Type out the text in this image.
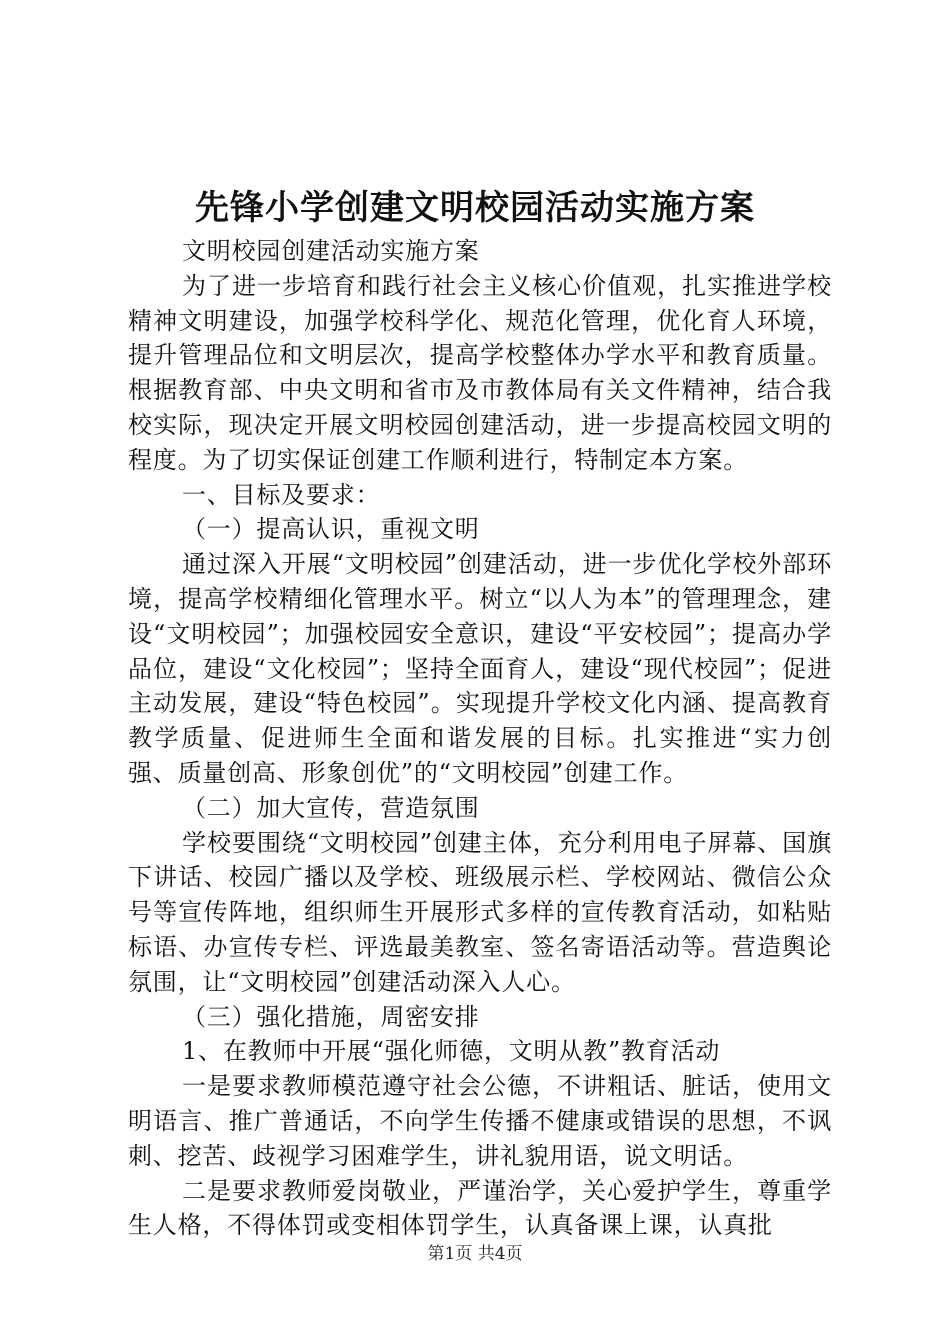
先锋小学创建文明校园活动实施方案

文明校园创建活动实施方案

为了进一步培育和践行社会主义核心价值观，扎实推进学校精神文明建设，加强学校科学化、规范化管理，优化育人环境，提升管理品位和文明层次，提高学校整体办学水平和教育质量。根据教育部、中央文明和省市及市教体局有关文件精神，结合我校实际，现决定开展文明校园创建活动，进一步提高校园文明的程度。为了切实保证创建工作顺利进行，特制定本方案。

一、目标及要求：

（一）提高认识，重视文明

通过深入开展“文明校园”创建活动，进一步优化学校外部环境，提高学校精细化管理水平。树立“以人为本”的管理理念，建设“文明校园”；加强校园安全意识，建设“平安校园”；提高办学品位，建设“文化校园”；坚持全面育人，建设“现代校园”；促进主动发展，建设“特色校园”。实现提升学校文化内涵、提高教育教学质量、促进师生全面和谐发展的目标。扎实推进“实力创强、质量创高、形象创优”的“文明校园”创建工作。

（二）加大宣传，营造氛围

学校要围绕“文明校园”创建主体，充分利用电子屏幕、国旗下讲话、校园广播以及学校、班级展示栏、学校网站、微信公众号等宣传阵地，组织师生开展形式多样的宣传教育活动，如粘贴标语、办宣传专栏、评选最美教室、签名寄语活动等。营造舆论氛围，让“文明校园”创建活动深入人心。

（三）强化措施，周密安排

1、在教师中开展“强化师德，文明从教”教育活动

一是要求教师模范遵守社会公德，不讲粗话、脏话，使用文明语言、推广普通话，不向学生传播不健康或错误的思想，不讽刺、挖苦、歧视学习困难学生，讲礼貌用语，说文明话。

二是要求教师爱岗敬业，严谨治学，关心爱护学生，尊重学生人格，不得体罚或变相体罚学生，认真备课上课，认真批

第1页 共4页
